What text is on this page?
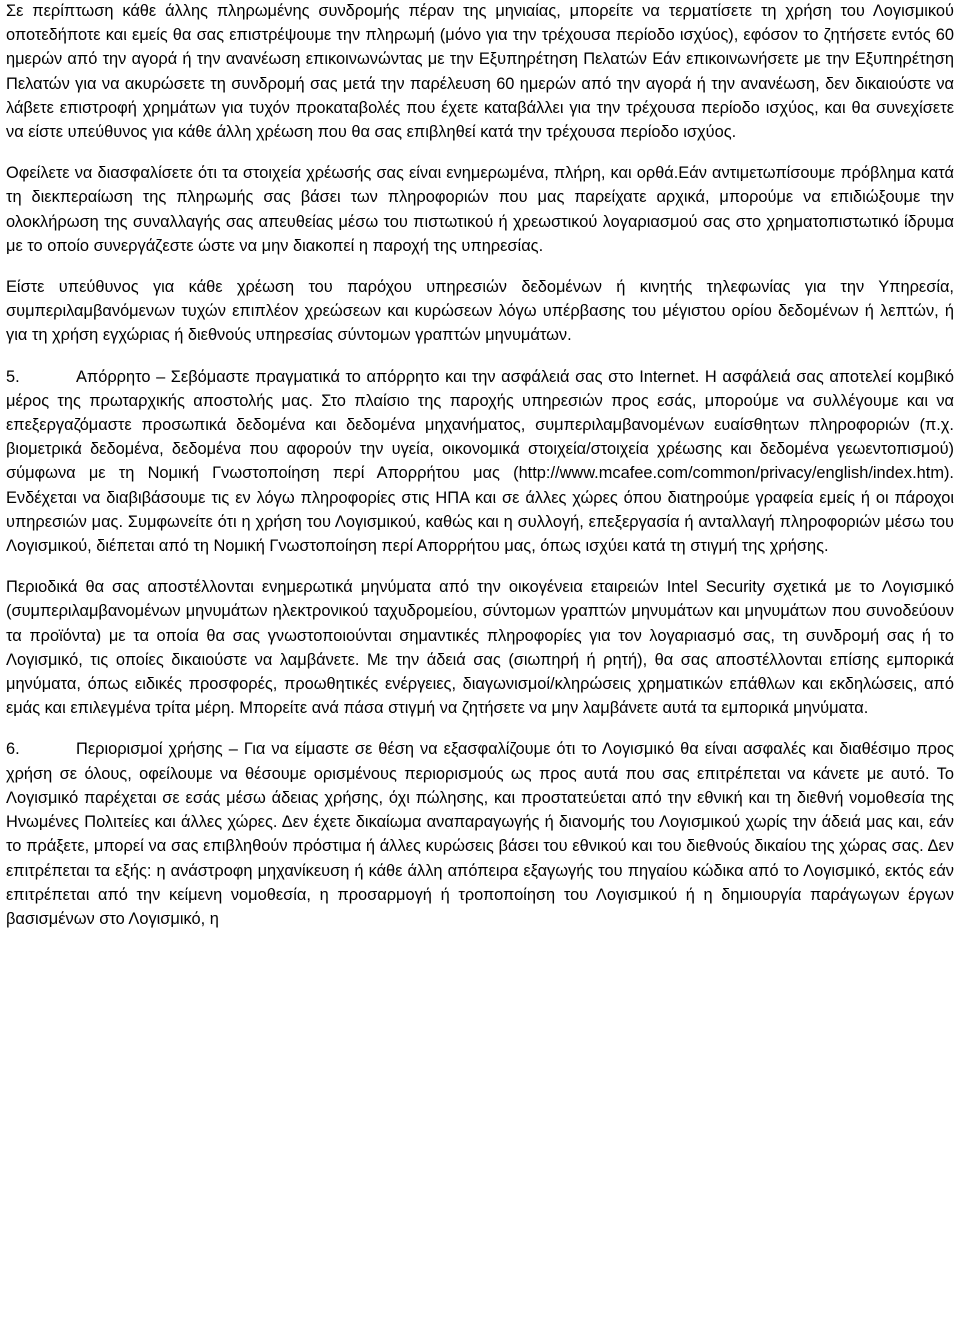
Σε περίπτωση κάθε άλλης πληρωμένης συνδρομής πέραν της μηνιαίας, μπορείτε να τερματίσετε τη χρήση του Λογισμικού οποτεδήποτε και εμείς θα σας επιστρέψουμε την πληρωμή (μόνο για την τρέχουσα περίοδο ισχύος), εφόσον το ζητήσετε εντός 60 ημερών από την αγορά ή την ανανέωση επικοινωνώντας με την Εξυπηρέτηση Πελατών Εάν επικοινωνήσετε με την Εξυπηρέτηση Πελατών για να ακυρώσετε τη συνδρομή σας μετά την παρέλευση 60 ημερών από την αγορά ή την ανανέωση, δεν δικαιούστε να λάβετε επιστροφή χρημάτων για τυχόν προκαταβολές που έχετε καταβάλλει για την τρέχουσα περίοδο ισχύος, και θα συνεχίσετε να είστε υπεύθυνος για κάθε άλλη χρέωση που θα σας επιβληθεί κατά την τρέχουσα περίοδο ισχύος.

Οφείλετε να διασφαλίσετε ότι τα στοιχεία χρέωσής σας είναι ενημερωμένα, πλήρη, και ορθά.Εάν αντιμετωπίσουμε πρόβλημα κατά τη διεκπεραίωση της πληρωμής σας βάσει των πληροφοριών που μας παρείχατε αρχικά, μπορούμε να επιδιώξουμε την ολοκλήρωση της συναλλαγής σας απευθείας μέσω του πιστωτικού ή χρεωστικού λογαριασμού σας στο χρηματοπιστωτικό ίδρυμα με το οποίο συνεργάζεστε ώστε να μην διακοπεί η παροχή της υπηρεσίας.

Είστε υπεύθυνος για κάθε χρέωση του παρόχου υπηρεσιών δεδομένων ή κινητής τηλεφωνίας για την Υπηρεσία, συμπεριλαμβανόμενων τυχών επιπλέον χρεώσεων και κυρώσεων λόγω υπέρβασης του μέγιστου ορίου δεδομένων ή λεπτών, ή για τη χρήση εγχώριας ή διεθνούς υπηρεσίας σύντομων γραπτών μηνυμάτων.

5.	Απόρρητο – Σεβόμαστε πραγματικά το απόρρητο και την ασφάλειά σας στο Internet. Η ασφάλειά σας αποτελεί κομβικό μέρος της πρωταρχικής αποστολής μας. Στο πλαίσιο της παροχής υπηρεσιών προς εσάς, μπορούμε να συλλέγουμε και να επεξεργαζόμαστε προσωπικά δεδομένα και δεδομένα μηχανήματος, συμπεριλαμβανομένων ευαίσθητων πληροφοριών (π.χ. βιομετρικά δεδομένα, δεδομένα που αφορούν την υγεία, οικονομικά στοιχεία/στοιχεία χρέωσης και δεδομένα γεωεντοπισμού) σύμφωνα με τη Νομική Γνωστοποίηση περί Απορρήτου μας (http://www.mcafee.com/common/privacy/english/index.htm). Ενδέχεται να διαβιβάσουμε τις εν λόγω πληροφορίες στις ΗΠΑ και σε άλλες χώρες όπου διατηρούμε γραφεία εμείς ή οι πάροχοι υπηρεσιών μας. Συμφωνείτε ότι η χρήση του Λογισμικού, καθώς και η συλλογή, επεξεργασία ή ανταλλαγή πληροφοριών μέσω του Λογισμικού, διέπεται από τη Νομική Γνωστοποίηση περί Απορρήτου μας, όπως ισχύει κατά τη στιγμή της χρήσης.

Περιοδικά θα σας αποστέλλονται ενημερωτικά μηνύματα από την οικογένεια εταιρειών Intel Security σχετικά με το Λογισμικό (συμπεριλαμβανομένων μηνυμάτων ηλεκτρονικού ταχυδρομείου, σύντομων γραπτών μηνυμάτων και μηνυμάτων που συνοδεύουν τα προϊόντα) με τα οποία θα σας γνωστοποιούνται σημαντικές πληροφορίες για τον λογαριασμό σας, τη συνδρομή σας ή το Λογισμικό, τις οποίες δικαιούστε να λαμβάνετε. Με την άδειά σας (σιωπηρή ή ρητή), θα σας αποστέλλονται επίσης εμπορικά μηνύματα, όπως ειδικές προσφορές, προωθητικές ενέργειες, διαγωνισμοί/κληρώσεις χρηματικών επάθλων και εκδηλώσεις, από εμάς και επιλεγμένα τρίτα μέρη. Μπορείτε ανά πάσα στιγμή να ζητήσετε να μην λαμβάνετε αυτά τα εμπορικά μηνύματα.

6.	Περιορισμοί χρήσης – Για να είμαστε σε θέση να εξασφαλίζουμε ότι το Λογισμικό θα είναι ασφαλές και διαθέσιμο προς χρήση σε όλους, οφείλουμε να θέσουμε ορισμένους περιορισμούς ως προς αυτά που σας επιτρέπεται να κάνετε με αυτό. Το Λογισμικό παρέχεται σε εσάς μέσω άδειας χρήσης, όχι πώλησης, και προστατεύεται από την εθνική και τη διεθνή νομοθεσία της Ηνωμένες Πολιτείες και άλλες χώρες. Δεν έχετε δικαίωμα αναπαραγωγής ή διανομής του Λογισμικού χωρίς την άδειά μας και, εάν το πράξετε, μπορεί να σας επιβληθούν πρόστιμα ή άλλες κυρώσεις βάσει του εθνικού και του διεθνούς δικαίου της χώρας σας. Δεν επιτρέπεται τα εξής: η ανάστροφη μηχανίκευση ή κάθε άλλη απόπειρα εξαγωγής του πηγαίου κώδικα από το Λογισμικό, εκτός εάν επιτρέπεται από την κείμενη νομοθεσία, η προσαρμογή ή τροποποίηση του Λογισμικού ή η δημιουργία παράγωγων έργων βασισμένων στο Λογισμικό, η
